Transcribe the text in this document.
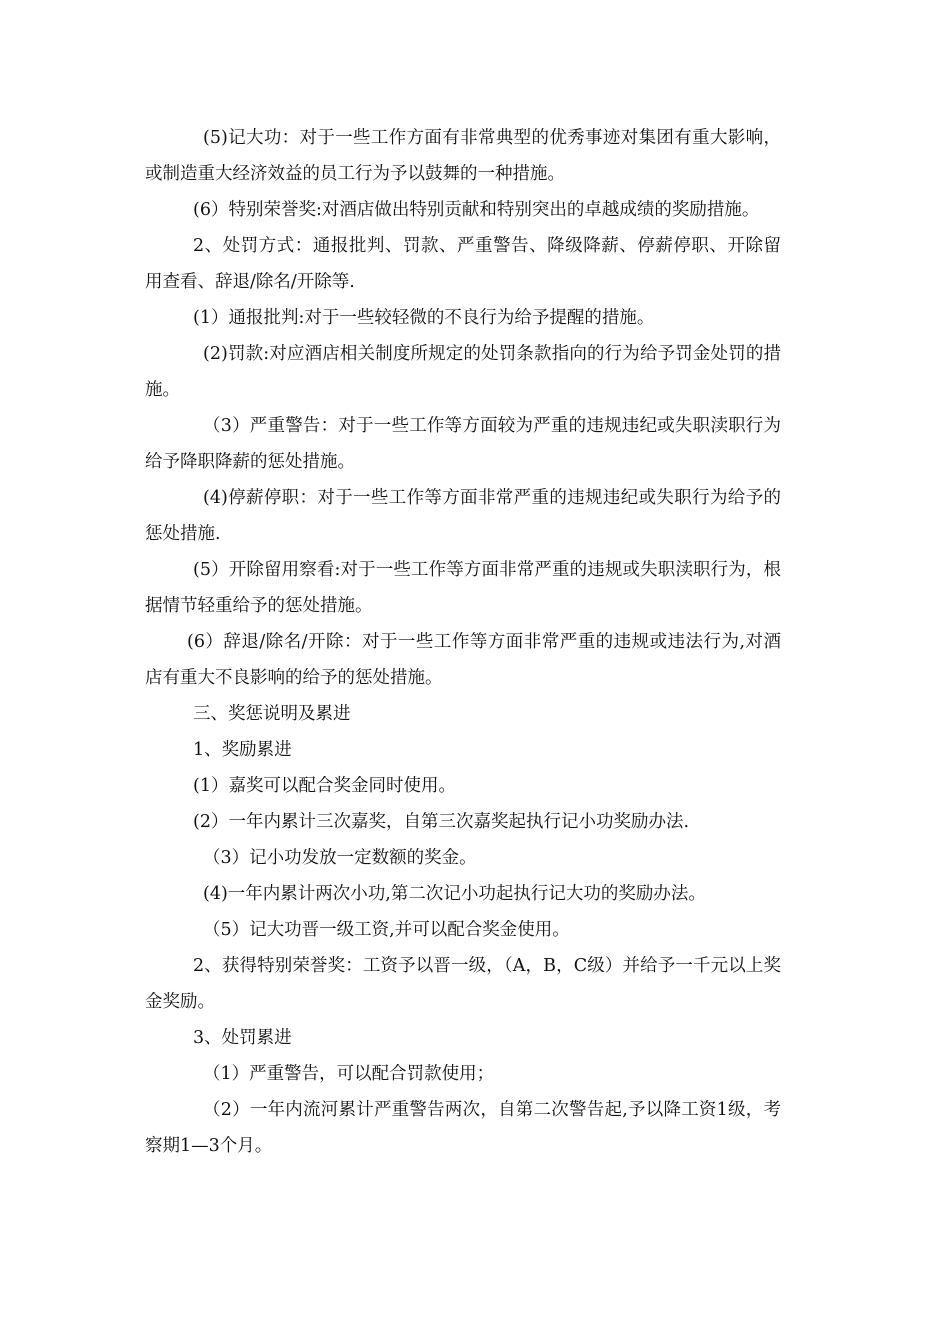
(5)记大功：对于一些工作方面有非常典型的优秀事迹对集团有重大影响，或制造重大经济效益的员工行为予以鼓舞的一种措施。

(6）特别荣誉奖:对酒店做出特别贡献和特别突出的卓越成绩的奖励措施。

2、处罚方式：通报批判、罚款、严重警告、降级降薪、停薪停职、开除留用查看、辞退/除名/开除等.

(1）通报批判:对于一些较轻微的不良行为给予提醒的措施。

(2)罚款:对应酒店相关制度所规定的处罚条款指向的行为给予罚金处罚的措施。

（3）严重警告：对于一些工作等方面较为严重的违规违纪或失职渎职行为给予降职降薪的惩处措施。

(4)停薪停职：对于一些工作等方面非常严重的违规违纪或失职行为给予的惩处措施.

(5）开除留用察看:对于一些工作等方面非常严重的违规或失职渎职行为，根据情节轻重给予的惩处措施。

(6）辞退/除名/开除：对于一些工作等方面非常严重的违规或违法行为,对酒店有重大不良影响的给予的惩处措施。

三、奖惩说明及累进

1、奖励累进

(1）嘉奖可以配合奖金同时使用。

(2）一年内累计三次嘉奖，自第三次嘉奖起执行记小功奖励办法.

（3）记小功发放一定数额的奖金。

(4)一年内累计两次小功,第二次记小功起执行记大功的奖励办法。

（5）记大功晋一级工资,并可以配合奖金使用。

2、获得特别荣誉奖：工资予以晋一级，（A，B，C级）并给予一千元以上奖金奖励。

3、处罚累进

（1）严重警告，可以配合罚款使用；

（2）一年内流河累计严重警告两次，自第二次警告起,予以降工资1级，考察期1—3个月。
